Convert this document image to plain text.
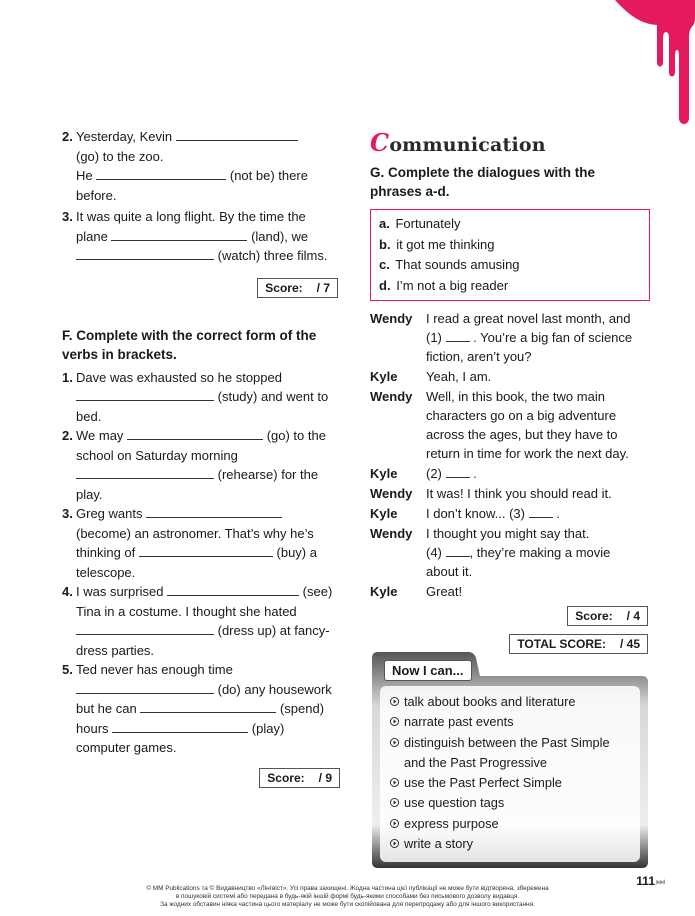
2. Yesterday, Kevin

(go) to the zoo.

He	(not be) there

before.

3. It was quite a long flight. By the time the

plane	(land), we

(watch) three films.

Score: / 7
F. Complete with the correct form of the verbs in brackets.
1. Dave was exhausted so he stopped

(study) and went to

bed.

2. We may	(go) to the

school on Saturday morning

(rehearse) for the

play.

3. Greg wants

(become) an astronomer. That’s why he’s

thinking of	(buy) a

telescope.

4. I was surprised	(see)

Tina in a costume. I thought she hated

(dress up) at fancy-

dress parties.

5. Ted never has enough time

(do) any housework

but he can	(spend)

hours	(play)

computer games.

Score: / 9
Communication
G. Complete the dialogues with the phrases a-d.
a. Fortunately
b. it got me thinking
c. That sounds amusing
d. I’m not a big reader
Wendy	I read a great novel last month, and
(1) . You’re a big fan of science
fiction, aren’t you?
Kyle	Yeah, I am.
Wendy	Well, in this book, the two main
characters go on a big adventure
across the ages, but they have to
return in time for work the next day.
Kyle	(2) .
Wendy	It was! I think you should read it.
Kyle	I don’t know... (3) .
Wendy	I thought you might say that.
(4) , they’re making a movie
about it.
Kyle	Great!
Score: / 4
TOTAL SCORE: / 45
Now I can...
talk about books and literature
narrate past events
distinguish between the Past Simple
and the Past Progressive
use the Past Perfect Simple
use question tags
express purpose
write a story
111⏭
© MM Publications та © Видавництво «Лінгвіст». Усі права захищені. Жодна частина цієї публікації не може бути відтворена, збережена
в пошуковій системі або передана в будь-якій іншій формі будь-якими способами без письмового дозволу видавця.
За жодних обставин ніяка частина цього матеріалу не може бути скопійована для перепродажу або для іншого використання.
